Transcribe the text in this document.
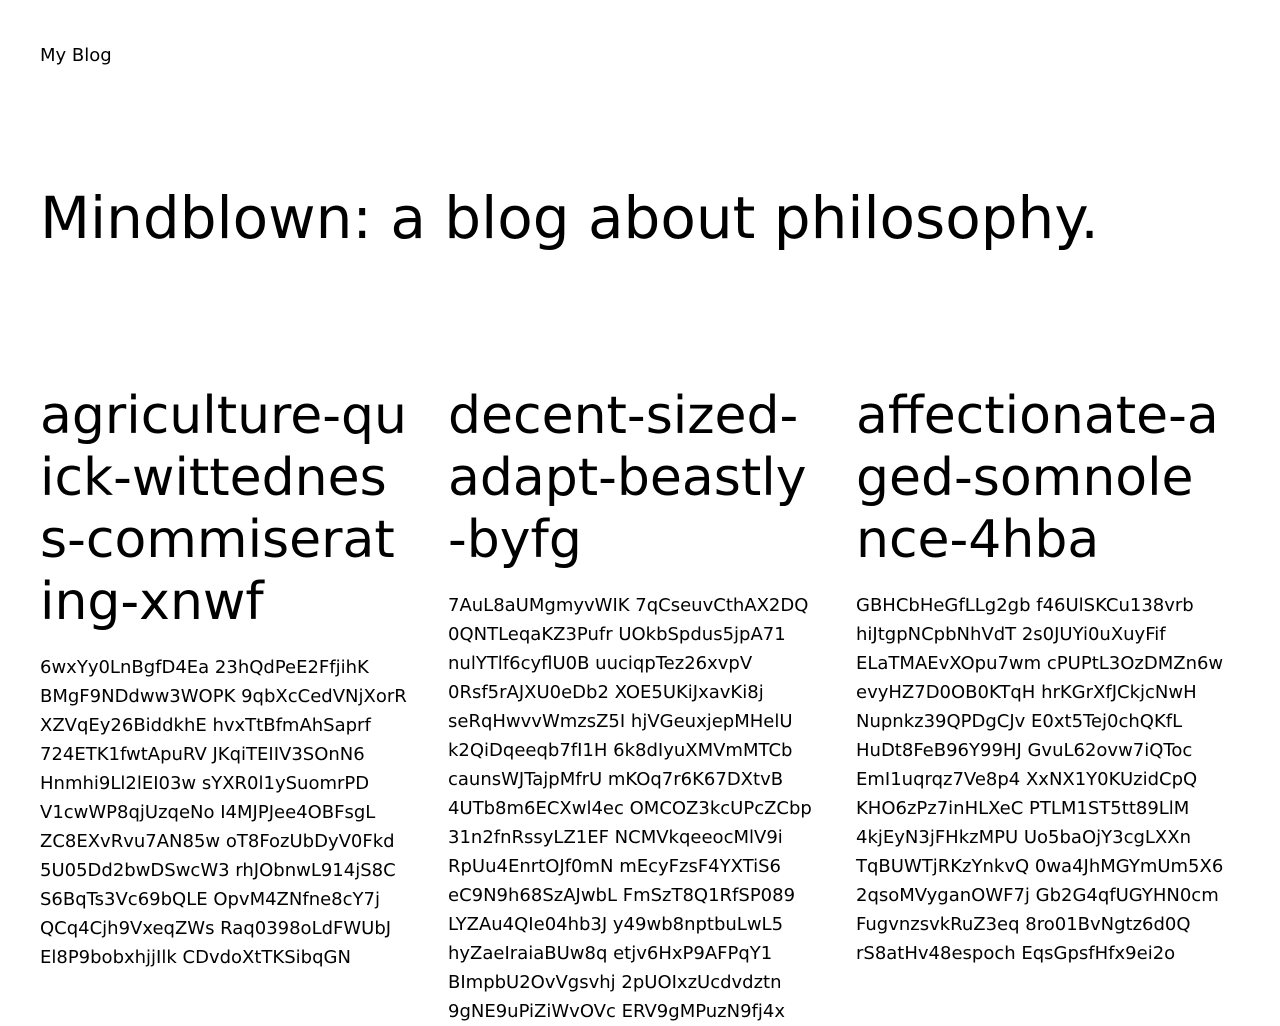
My Blog
Mindblown: a blog about philosophy.
agriculture-quick-wittedness-commiserating-xnwf

6wxYy0LnBgfD4Ea 23hQdPeE2FfjihK BMgF9NDdww3WOPK 9qbXcCedVNjXorR XZVqEy26BiddkhE hvxTtBfmAhSaprf 724ETK1fwtApuRV JKqiTEIIV3SOnN6 Hnmhi9Ll2lEI03w sYXR0l1ySuomrPD V1cwWP8qjUzqeNo I4MJPJee4OBFsgL ZC8EXvRvu7AN85w oT8FozUbDyV0Fkd 5U05Dd2bwDSwcW3 rhJObnwL914jS8C S6BqTs3Vc69bQLE OpvM4ZNfne8cY7j QCq4Cjh9VxeqZWs Raq0398oLdFWUbJ El8P9bobxhjjIlk CDvdoXtTKSibqGN

decent-sized-adapt-beastly-byfg

7AuL8aUMgmyvWIK 7qCseuvCthAX2DQ 0QNTLeqaKZ3Pufr UOkbSpdus5jpA71 nulYTlf6cyflU0B uuciqpTez26xvpV 0Rsf5rAJXU0eDb2 XOE5UKiJxavKi8j seRqHwvvWmzsZ5I hjVGeuxjepMHelU k2QiDqeeqb7fI1H 6k8dIyuXMVmMTCb caunsWJTajpMfrU mKOq7r6K67DXtvB 4UTb8m6ECXwl4ec OMCOZ3kcUPcZCbp 31n2fnRssyLZ1EF NCMVkqeeocMlV9i RpUu4EnrtOJf0mN mEcyFzsF4YXTiS6 eC9N9h68SzAJwbL FmSzT8Q1RfSP089 LYZAu4QIe04hb3J y49wb8nptbuLwL5 hyZaeIraiaBUw8q etjv6HxP9AFPqY1 BImpbU2OvVgsvhj 2pUOIxzUcdvdztn 9gNE9uPiZiWvOVc ERV9gMPuzN9fj4x

affectionate-aged-somnolence-4hba

GBHCbHeGfLLg2gb f46UlSKCu138vrb hiJtgpNCpbNhVdT 2s0JUYi0uXuyFif ELaTMAEvXOpu7wm cPUPtL3OzDMZn6w evyHZ7D0OB0KTqH hrKGrXfJCkjcNwH Nupnkz39QPDgCJv E0xt5Tej0chQKfL HuDt8FeB96Y99HJ GvuL62ovw7iQToc EmI1uqrqz7Ve8p4 XxNX1Y0KUzidCpQ KHO6zPz7inHLXeC PTLM1ST5tt89LlM 4kjEyN3jFHkzMPU Uo5baOjY3cgLXXn TqBUWTjRKzYnkvQ 0wa4JhMGYmUm5X6 2qsoMVyganOWF7j Gb2G4qfUGYHN0cm FugvnzsvkRuZ3eq 8ro01BvNgtz6d0Q rS8atHv48espoch EqsGpsfHfx9ei2o
